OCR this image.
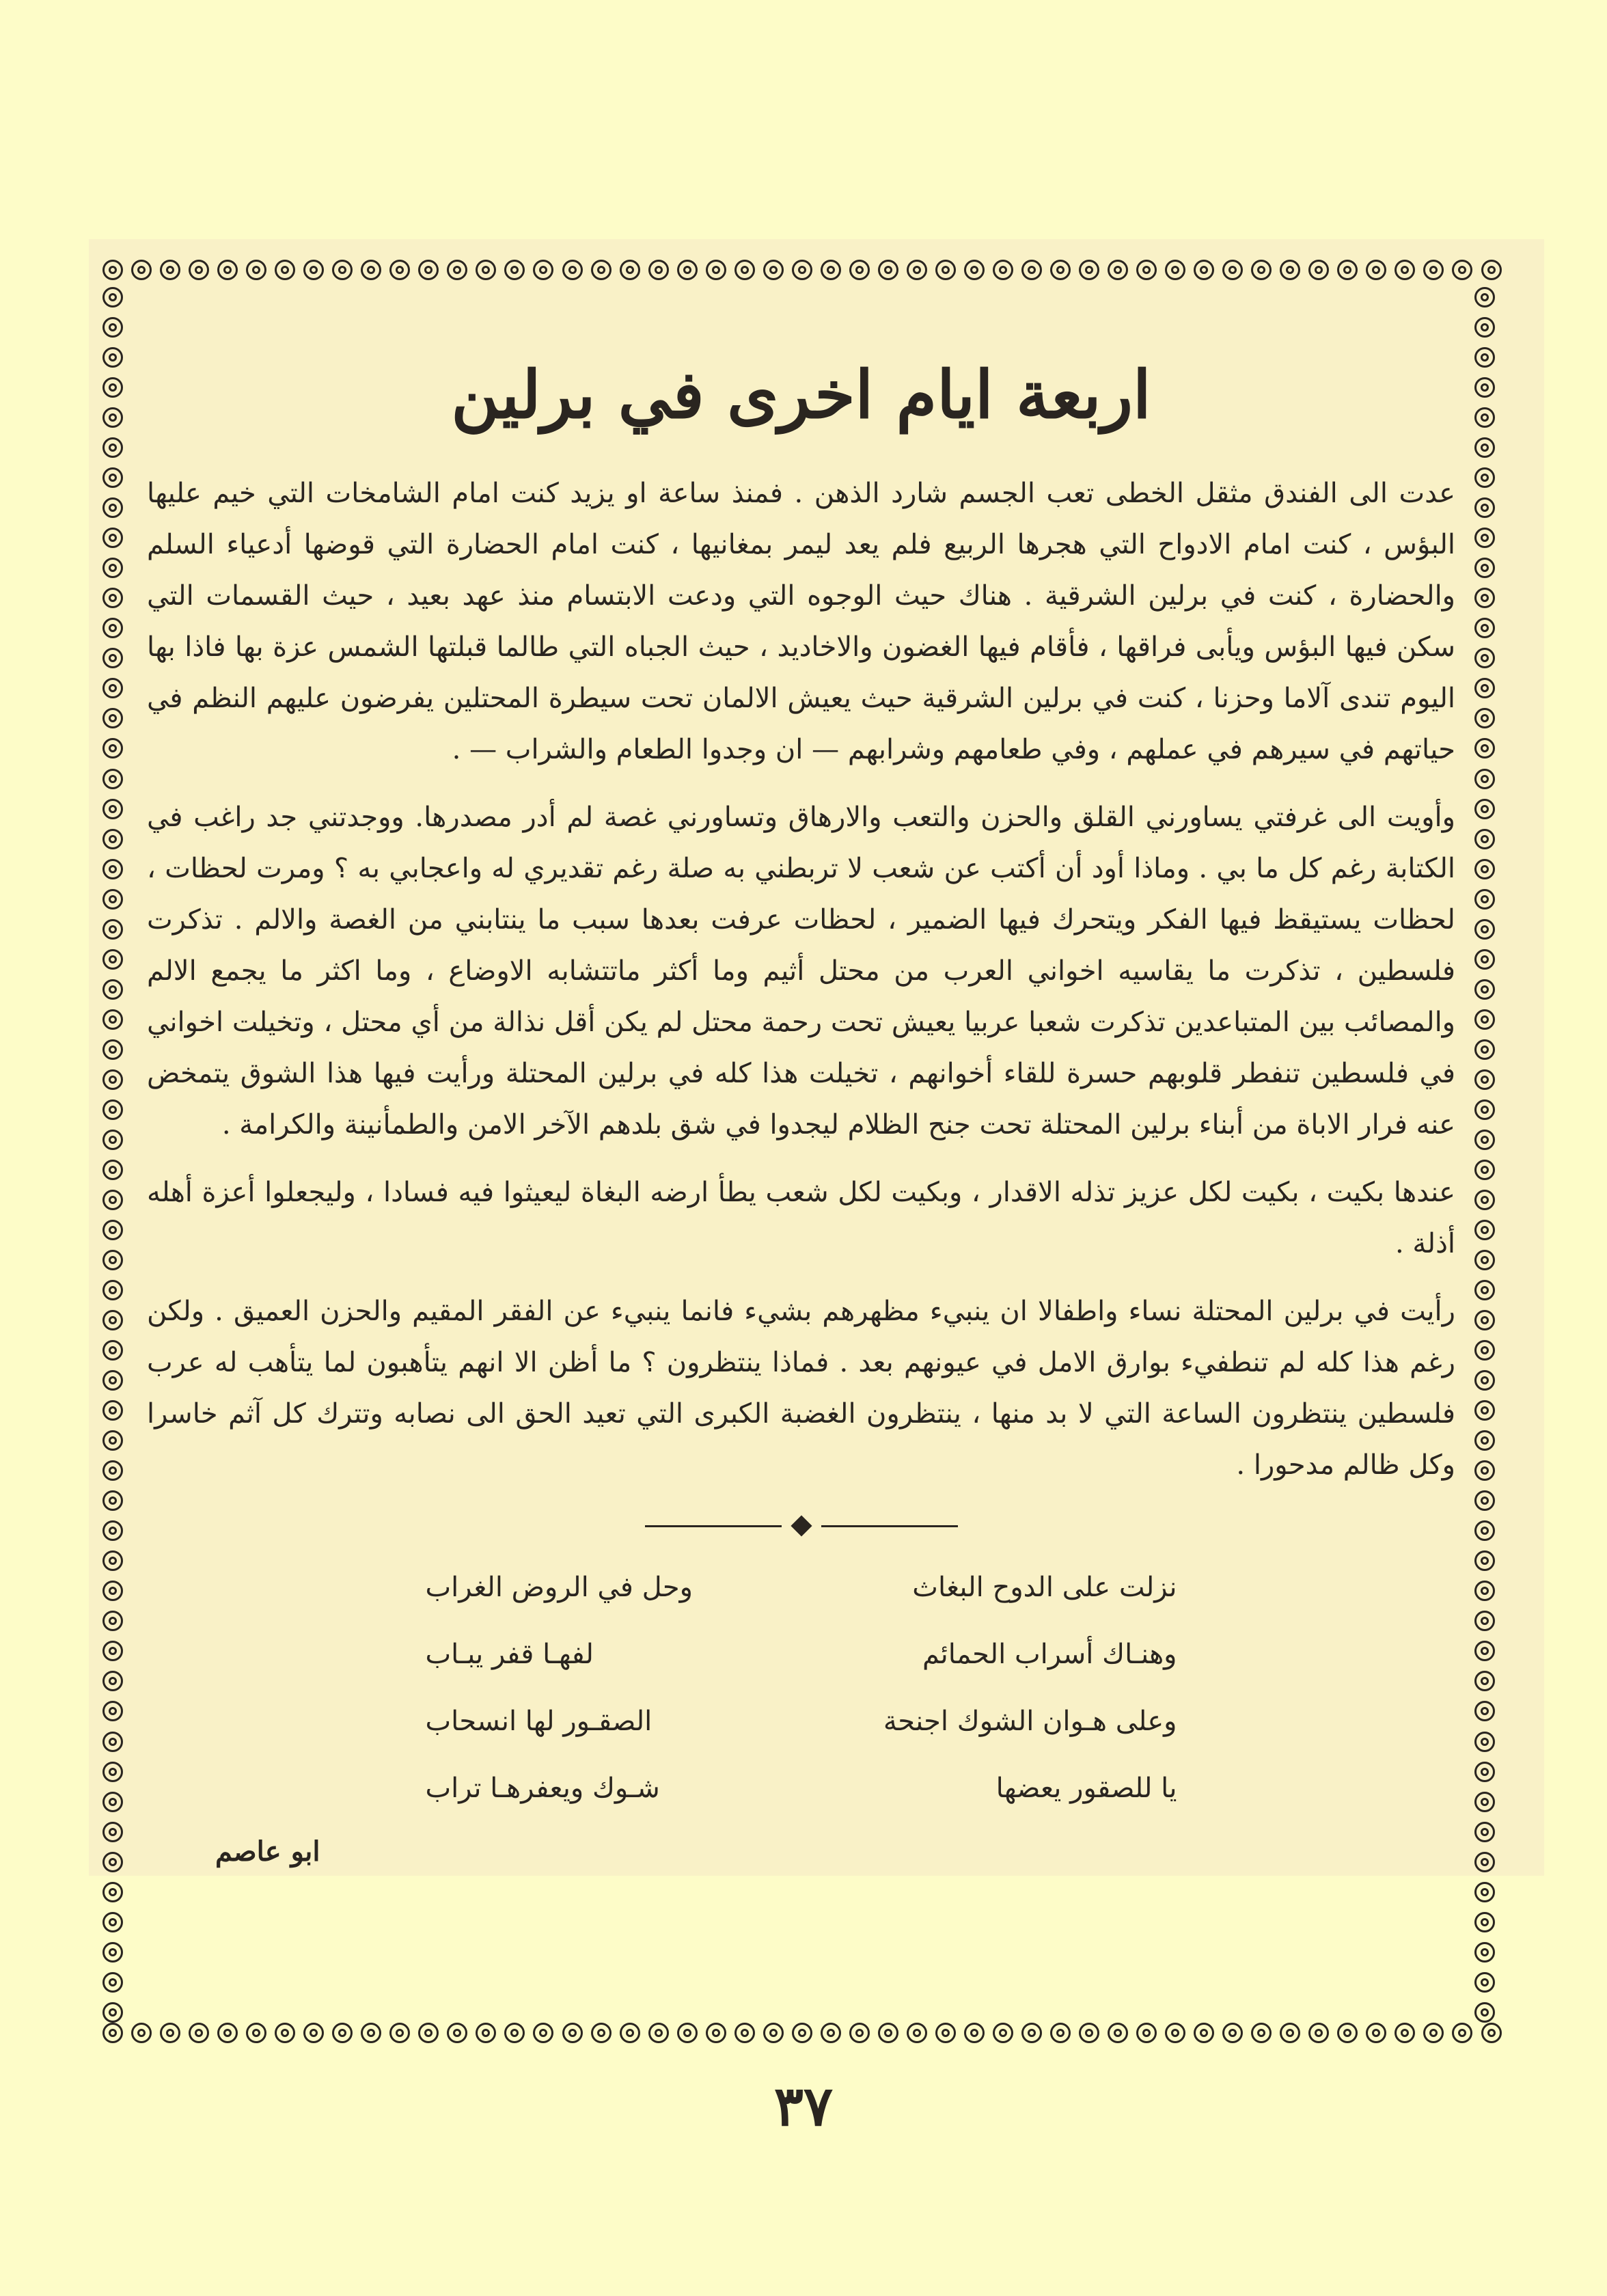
اربعة ايام اخرى في برلين

عدت الى الفندق مثقل الخطى تعب الجسم شارد الذهن . فمنذ ساعة او يزيد كنت امام الشامخات التي خيم عليها البؤس ، كنت امام الادواح التي هجرها الربيع فلم يعد ليمر بمغانيها ، كنت امام الحضارة التي قوضها أدعياء السلم والحضارة ، كنت في برلين الشرقية . هناك حيث الوجوه التي ودعت الابتسام منذ عهد بعيد ، حيث القسمات التي سكن فيها البؤس ويأبى فراقها ، فأقام فيها الغضون والاخاديد ، حيث الجباه التي طالما قبلتها الشمس عزة بها فاذا بها اليوم تندى آلاما وحزنا ، كنت في برلين الشرقية حيث يعيش الالمان تحت سيطرة المحتلين يفرضون عليهم النظم في حياتهم في سيرهم في عملهم ، وفي طعامهم وشرابهم — ان وجدوا الطعام والشراب — .

وأويت الى غرفتي يساورني القلق والحزن والتعب والارهاق وتساورني غصة لم أدر مصدرها. ووجدتني جد راغب في الكتابة رغم كل ما بي . وماذا أود أن أكتب عن شعب لا تربطني به صلة رغم تقديري له واعجابي به ؟ ومرت لحظات ، لحظات يستيقظ فيها الفكر ويتحرك فيها الضمير ، لحظات عرفت بعدها سبب ما ينتابني من الغصة والالم . تذكرت فلسطين ، تذكرت ما يقاسيه اخواني العرب من محتل أثيم وما أكثر ماتتشابه الاوضاع ، وما اكثر ما يجمع الالم والمصائب بين المتباعدين تذكرت شعبا عربيا يعيش تحت رحمة محتل لم يكن أقل نذالة من أي محتل ، وتخيلت اخواني في فلسطين تنفطر قلوبهم حسرة للقاء أخوانهم ، تخيلت هذا كله في برلين المحتلة ورأيت فيها هذا الشوق يتمخض عنه فرار الاباة من أبناء برلين المحتلة تحت جنح الظلام ليجدوا في شق بلدهم الآخر الامن والطمأنينة والكرامة .

عندها بكيت ، بكيت لكل عزيز تذله الاقدار ، وبكيت لكل شعب يطأ ارضه البغاة ليعيثوا فيه فسادا ، وليجعلوا أعزة أهله أذلة .

رأيت في برلين المحتلة نساء واطفالا ان ينبيء مظهرهم بشيء فانما ينبيء عن الفقر المقيم والحزن العميق . ولكن رغم هذا كله لم تنطفيء بوارق الامل في عيونهم بعد . فماذا ينتظرون ؟ ما أظن الا انهم يتأهبون لما يتأهب له عرب فلسطين ينتظرون الساعة التي لا بد منها ، ينتظرون الغضبة الكبرى التي تعيد الحق الى نصابه وتترك كل آثم خاسرا وكل ظالم مدحورا .

نزلت على الدوح البغاث
وحل في الروض الغراب
وهنـاك أسراب الحمائم
لفهـا قفر يبـاب
وعلى هـوان الشوك اجنحة
الصقـور لها انسحاب
يا للصقور يعضها
شـوك ويعفرهـا تراب
ابو عاصم
٣٧
